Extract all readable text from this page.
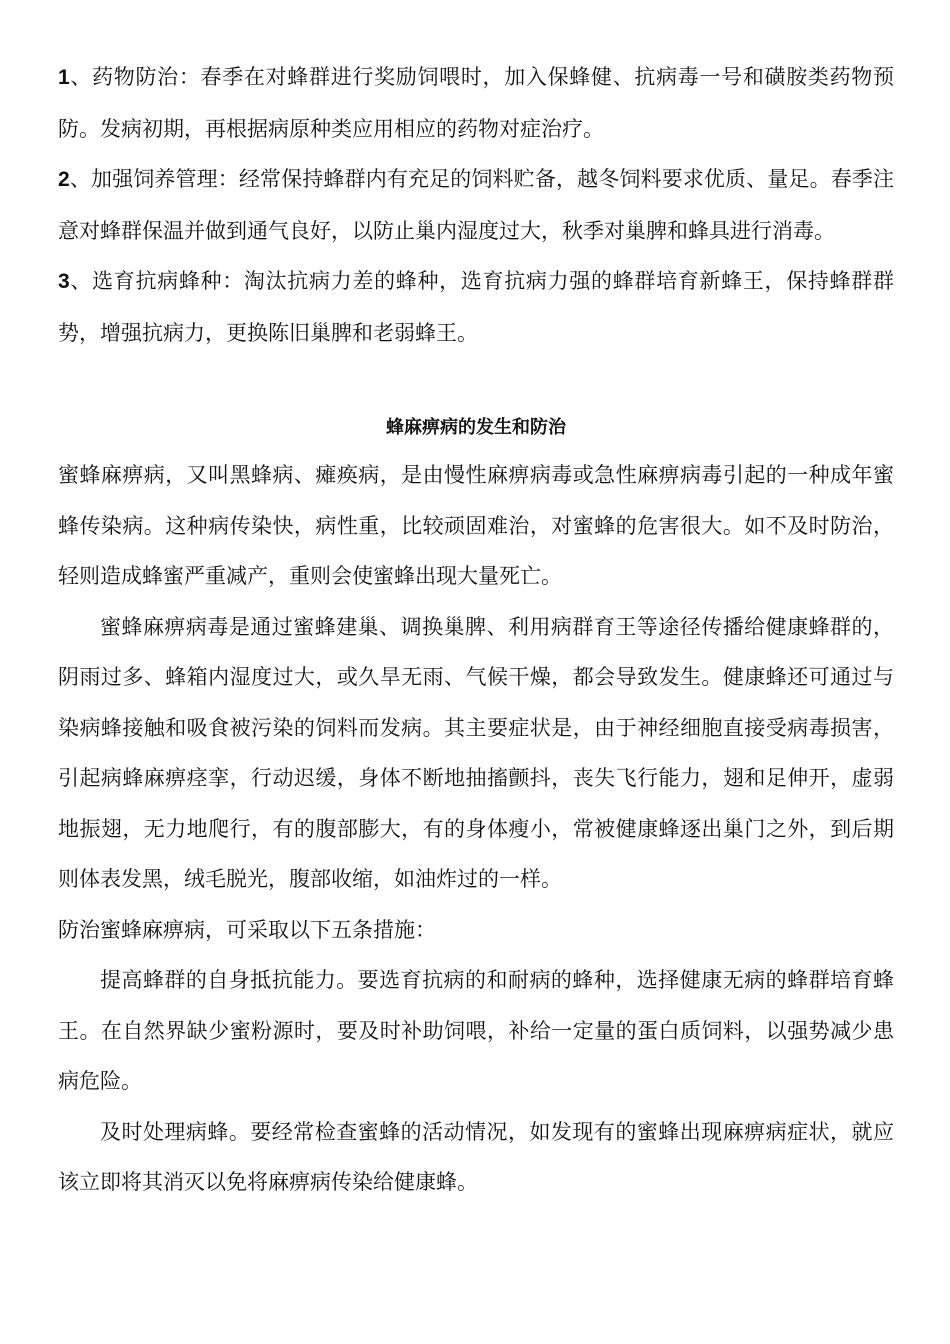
1、药物防治：春季在对蜂群进行奖励饲喂时，加入保蜂健、抗病毒一号和磺胺类药物预防。发病初期，再根据病原种类应用相应的药物对症治疗。

2、加强饲养管理：经常保持蜂群内有充足的饲料贮备，越冬饲料要求优质、量足。春季注意对蜂群保温并做到通气良好，以防止巢内湿度过大，秋季对巢脾和蜂具进行消毒。

3、选育抗病蜂种：淘汰抗病力差的蜂种，选育抗病力强的蜂群培育新蜂王，保持蜂群群势，增强抗病力，更换陈旧巢脾和老弱蜂王。

蜂麻痹病的发生和防治

蜜蜂麻痹病，又叫黑蜂病、瘫痪病，是由慢性麻痹病毒或急性麻痹病毒引起的一种成年蜜蜂传染病。这种病传染快，病性重，比较顽固难治，对蜜蜂的危害很大。如不及时防治，轻则造成蜂蜜严重减产，重则会使蜜蜂出现大量死亡。

蜜蜂麻痹病毒是通过蜜蜂建巢、调换巢脾、利用病群育王等途径传播给健康蜂群的，阴雨过多、蜂箱内湿度过大，或久旱无雨、气候干燥，都会导致发生。健康蜂还可通过与染病蜂接触和吸食被污染的饲料而发病。其主要症状是，由于神经细胞直接受病毒损害，引起病蜂麻痹痉挛，行动迟缓，身体不断地抽搐颤抖，丧失飞行能力，翅和足伸开，虚弱地振翅，无力地爬行，有的腹部膨大，有的身体瘦小，常被健康蜂逐出巢门之外，到后期则体表发黑，绒毛脱光，腹部收缩，如油炸过的一样。

防治蜜蜂麻痹病，可采取以下五条措施：

提高蜂群的自身抵抗能力。要选育抗病的和耐病的蜂种，选择健康无病的蜂群培育蜂王。在自然界缺少蜜粉源时，要及时补助饲喂，补给一定量的蛋白质饲料，以强势减少患病危险。

及时处理病蜂。要经常检查蜜蜂的活动情况，如发现有的蜜蜂出现麻痹病症状，就应该立即将其消灭以免将麻痹病传染给健康蜂。
